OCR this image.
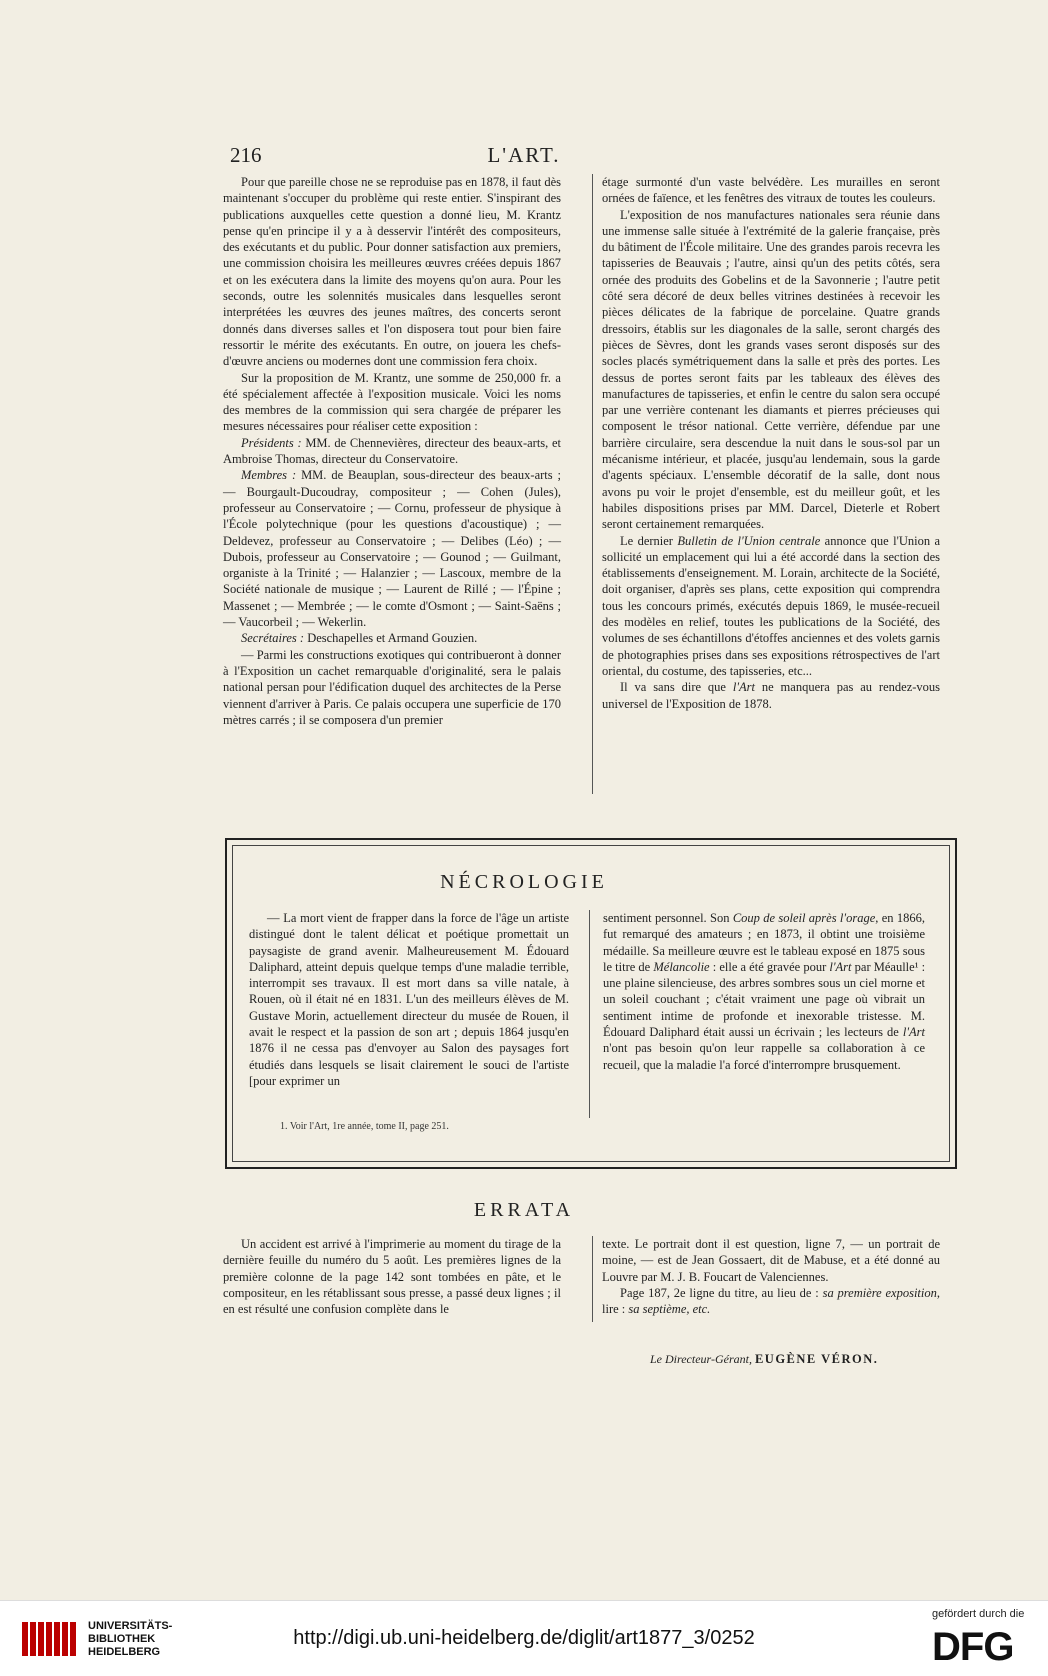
216	L'ART.

Pour que pareille chose ne se reproduise pas en 1878, il faut dès maintenant s'occuper du problème qui reste entier. S'inspirant des publications auxquelles cette question a donné lieu, M. Krantz pense qu'en principe il y a à desservir l'intérêt des compositeurs, des exécutants et du public. Pour donner satisfaction aux premiers, une commission choisira les meilleures œuvres créées depuis 1867 et on les exécutera dans la limite des moyens qu'on aura. Pour les seconds, outre les solennités musicales dans lesquelles seront interprétées les œuvres des jeunes maîtres, des concerts seront donnés dans diverses salles et l'on disposera tout pour bien faire ressortir le mérite des exécutants. En outre, on jouera les chefs-d'œuvre anciens ou modernes dont une commission fera choix.

Sur la proposition de M. Krantz, une somme de 250,000 fr. a été spécialement affectée à l'exposition musicale. Voici les noms des membres de la commission qui sera chargée de préparer les mesures nécessaires pour réaliser cette exposition :

Présidents : MM. de Chennevières, directeur des beaux-arts, et Ambroise Thomas, directeur du Conservatoire.

Membres : MM. de Beauplan, sous-directeur des beaux-arts ; — Bourgault-Ducoudray, compositeur ; — Cohen (Jules), professeur au Conservatoire ; — Cornu, professeur de physique à l'École polytechnique (pour les questions d'acoustique) ; — Deldevez, professeur au Conservatoire ; — Delibes (Léo) ; — Dubois, professeur au Conservatoire ; — Gounod ; — Guilmant, organiste à la Trinité ; — Halanzier ; — Lascoux, membre de la Société nationale de musique ; — Laurent de Rillé ; — l'Épine ; Massenet ; — Membrée ; — le comte d'Osmont ; — Saint-Saëns ; — Vaucorbeil ; — Wekerlin.

Secrétaires : Deschapelles et Armand Gouzien.

— Parmi les constructions exotiques qui contribueront à donner à l'Exposition un cachet remarquable d'originalité, sera le palais national persan pour l'édification duquel des architectes de la Perse viennent d'arriver à Paris. Ce palais occupera une superficie de 170 mètres carrés ; il se composera d'un premier

étage surmonté d'un vaste belvédère. Les murailles en seront ornées de faïence, et les fenêtres des vitraux de toutes les couleurs.

L'exposition de nos manufactures nationales sera réunie dans une immense salle située à l'extrémité de la galerie française, près du bâtiment de l'École militaire. Une des grandes parois recevra les tapisseries de Beauvais ; l'autre, ainsi qu'un des petits côtés, sera ornée des produits des Gobelins et de la Savonnerie ; l'autre petit côté sera décoré de deux belles vitrines destinées à recevoir les pièces délicates de la fabrique de porcelaine. Quatre grands dressoirs, établis sur les diagonales de la salle, seront chargés des pièces de Sèvres, dont les grands vases seront disposés sur des socles placés symétriquement dans la salle et près des portes. Les dessus de portes seront faits par les tableaux des élèves des manufactures de tapisseries, et enfin le centre du salon sera occupé par une verrière contenant les diamants et pierres précieuses qui composent le trésor national. Cette verrière, défendue par une barrière circulaire, sera descendue la nuit dans le sous-sol par un mécanisme intérieur, et placée, jusqu'au lendemain, sous la garde d'agents spéciaux. L'ensemble décoratif de la salle, dont nous avons pu voir le projet d'ensemble, est du meilleur goût, et les habiles dispositions prises par MM. Darcel, Dieterle et Robert seront certainement remarquées.

Le dernier Bulletin de l'Union centrale annonce que l'Union a sollicité un emplacement qui lui a été accordé dans la section des établissements d'enseignement. M. Lorain, architecte de la Société, doit organiser, d'après ses plans, cette exposition qui comprendra tous les concours primés, exécutés depuis 1869, le musée-recueil des modèles en relief, toutes les publications de la Société, des volumes de ses échantillons d'étoffes anciennes et des volets garnis de photographies prises dans ses expositions rétrospectives de l'art oriental, du costume, des tapisseries, etc...

Il va sans dire que l'Art ne manquera pas au rendez-vous universel de l'Exposition de 1878.

NÉCROLOGIE

— La mort vient de frapper dans la force de l'âge un artiste distingué dont le talent délicat et poétique promettait un paysagiste de grand avenir. Malheureusement M. Édouard Daliphard, atteint depuis quelque temps d'une maladie terrible, interrompit ses travaux. Il est mort dans sa ville natale, à Rouen, où il était né en 1831. L'un des meilleurs élèves de M. Gustave Morin, actuellement directeur du musée de Rouen, il avait le respect et la passion de son art ; depuis 1864 jusqu'en 1876 il ne cessa pas d'envoyer au Salon des paysages fort étudiés dans lesquels se lisait clairement le souci de l'artiste [pour exprimer un

sentiment personnel. Son Coup de soleil après l'orage, en 1866, fut remarqué des amateurs ; en 1873, il obtint une troisième médaille. Sa meilleure œuvre est le tableau exposé en 1875 sous le titre de Mélancolie : elle a été gravée pour l'Art par Méaulle¹ : une plaine silencieuse, des arbres sombres sous un ciel morne et un soleil couchant ; c'était vraiment une page où vibrait un sentiment intime de profonde et inexorable tristesse. M. Édouard Daliphard était aussi un écrivain ; les lecteurs de l'Art n'ont pas besoin qu'on leur rappelle sa collaboration à ce recueil, que la maladie l'a forcé d'interrompre brusquement.

1. Voir l'Art, 1re année, tome II, page 251.
ERRATA

Un accident est arrivé à l'imprimerie au moment du tirage de la dernière feuille du numéro du 5 août. Les premières lignes de la première colonne de la page 142 sont tombées en pâte, et le compositeur, en les rétablissant sous presse, a passé deux lignes ; il en est résulté une confusion complète dans le

texte. Le portrait dont il est question, ligne 7, — un portrait de moine, — est de Jean Gossaert, dit de Mabuse, et a été donné au Louvre par M. J. B. Foucart de Valenciennes.

Page 187, 2e ligne du titre, au lieu de : sa première exposition, lire : sa septième, etc.

Le Directeur-Gérant, EUGÈNE VÉRON.
UNIVERSITÄTS-
BIBLIOTHEK
HEIDELBERG
http://digi.ub.uni-heidelberg.de/diglit/art1877_3/0252
gefördert durch die
DFG
